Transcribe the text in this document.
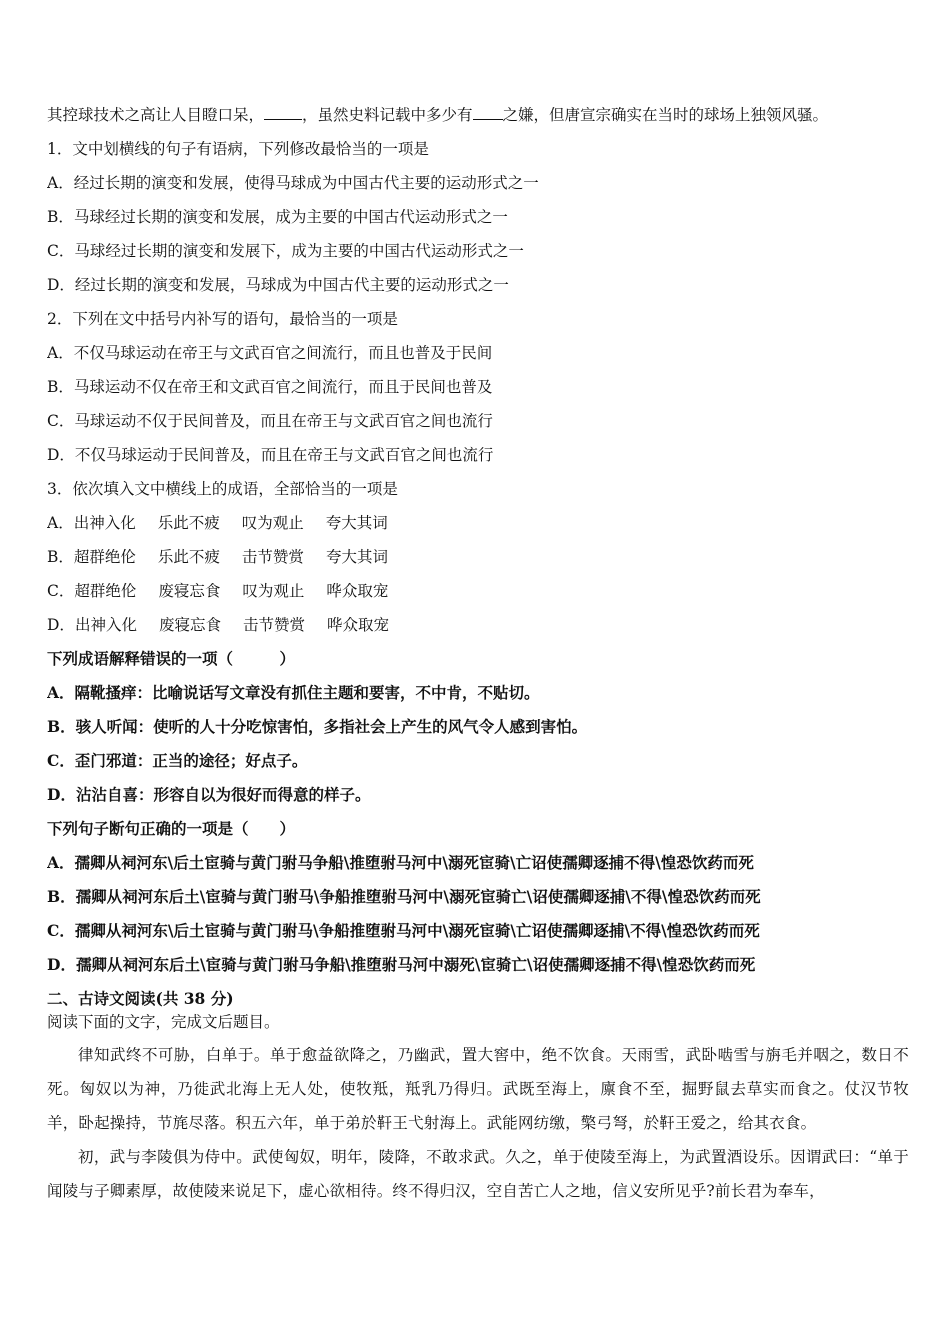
其控球技术之高让人目瞪口呆， ，虽然史料记载中多少有 之嫌，但唐宣宗确实在当时的球场上独领风骚。
1．文中划横线的句子有语病，下列修改最恰当的一项是
A．经过长期的演变和发展，使得马球成为中国古代主要的运动形式之一
B．马球经过长期的演变和发展，成为主要的中国古代运动形式之一
C．马球经过长期的演变和发展下，成为主要的中国古代运动形式之一
D．经过长期的演变和发展，马球成为中国古代主要的运动形式之一
2．下列在文中括号内补写的语句，最恰当的一项是
A．不仅马球运动在帝王与文武百官之间流行，而且也普及于民间
B．马球运动不仅在帝王和文武百官之间流行，而且于民间也普及
C．马球运动不仅于民间普及，而且在帝王与文武百官之间也流行
D．不仅马球运动于民间普及，而且在帝王与文武百官之间也流行
3．依次填入文中横线上的成语，全部恰当的一项是
A．出神入化 乐此不疲 叹为观止 夸大其词
B．超群绝伦 乐此不疲 击节赞赏 夸大其词
C．超群绝伦 废寝忘食 叹为观止 哗众取宠
D．出神入化 废寝忘食 击节赞赏 哗众取宠
下列成语解释错误的一项（　　　）
A．隔靴搔痒：比喻说话写文章没有抓住主题和要害，不中肯，不贴切。
B．骇人听闻：使听的人十分吃惊害怕，多指社会上产生的风气令人感到害怕。
C．歪门邪道：正当的途径；好点子。
D．沾沾自喜：形容自以为很好而得意的样子。
下列句子断句正确的一项是（　　）
A．孺卿从祠河东\后土宦骑与黄门驸马争船\推堕驸马河中\溺死宦骑\亡诏使孺卿逐捕不得\惶恐饮药而死
B．孺卿从祠河东后土\宦骑与黄门驸马\争船推堕驸马河中\溺死宦骑亡\诏使孺卿逐捕\不得\惶恐饮药而死
C．孺卿从祠河东\后土宦骑与黄门驸马\争船推堕驸马河中\溺死宦骑\亡诏使孺卿逐捕\不得\惶恐饮药而死
D．孺卿从祠河东后土\宦骑与黄门驸马争船\推堕驸马河中溺死\宦骑亡\诏使孺卿逐捕不得\惶恐饮药而死
二、古诗文阅读(共 38 分)
阅读下面的文字，完成文后题目。
律知武终不可胁，白单于。单于愈益欲降之，乃幽武，置大窖中，绝不饮食。天雨雪，武卧啮雪与旃毛并咽之，数日不死。匈奴以为神，乃徙武北海上无人处，使牧羝，羝乳乃得归。武既至海上，廪食不至，掘野鼠去草实而食之。仗汉节牧羊，卧起操持，节旄尽落。积五六年，单于弟於靬王弋射海上。武能网纺缴，檠弓弩，於靬王爱之，给其衣食。
初，武与李陵俱为侍中。武使匈奴，明年，陵降，不敢求武。久之，单于使陵至海上，为武置酒设乐。因谓武曰：“单于闻陵与子卿素厚，故使陵来说足下，虚心欲相待。终不得归汉，空自苦亡人之地，信义安所见乎?前长君为奉车，
